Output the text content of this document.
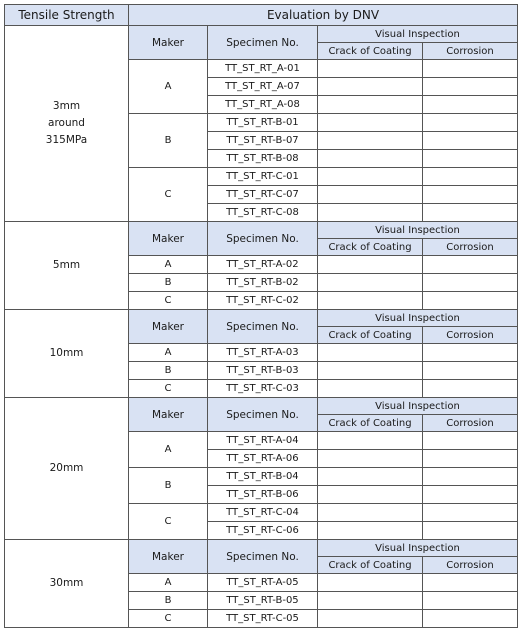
Tensile Strength	Evaluation by DNV			
3mm
around
315MPa	Maker	Specimen No.	Visual Inspection	
			Crack of Coating	Corrosion
	A	TT_ST_RT_A-01		
		TT_ST_RT_A-07		
		TT_ST_RT_A-08		
	B	TT_ST_RT-B-01		
		TT_ST_RT-B-07		
		TT_ST_RT-B-08		
	C	TT_ST_RT-C-01		
		TT_ST_RT-C-07		
		TT_ST_RT-C-08		
5mm	Maker	Specimen No.	Visual Inspection	
			Crack of Coating	Corrosion
	A	TT_ST_RT-A-02		
	B	TT_ST_RT-B-02		
	C	TT_ST_RT-C-02		
10mm	Maker	Specimen No.	Visual Inspection	
			Crack of Coating	Corrosion
	A	TT_ST_RT-A-03		
	B	TT_ST_RT-B-03		
	C	TT_ST_RT-C-03		
20mm	Maker	Specimen No.	Visual Inspection	
			Crack of Coating	Corrosion
	A	TT_ST_RT-A-04		
		TT_ST_RT-A-06		
	B	TT_ST_RT-B-04		
		TT_ST_RT-B-06		
	C	TT_ST_RT-C-04		
		TT_ST_RT-C-06		
30mm	Maker	Specimen No.	Visual Inspection	
			Crack of Coating	Corrosion
	A	TT_ST_RT-A-05		
	B	TT_ST_RT-B-05		
	C	TT_ST_RT-C-05		
